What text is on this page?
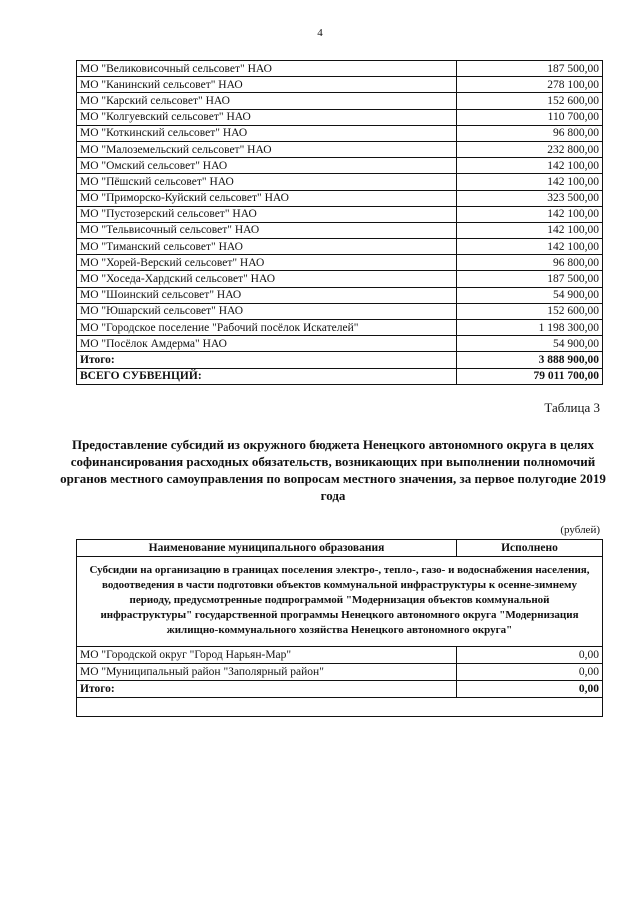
4
МО "Великовисочный сельсовет" НАО	187 500,00
МО "Канинский сельсовет" НАО	278 100,00
МО "Карский сельсовет" НАО	152 600,00
МО "Колгуевский сельсовет" НАО	110 700,00
МО "Коткинский сельсовет" НАО	96 800,00
МО "Малоземельский сельсовет" НАО	232 800,00
МО "Омский сельсовет" НАО	142 100,00
МО "Пёшский сельсовет" НАО	142 100,00
МО "Приморско-Куйский сельсовет" НАО	323 500,00
МО "Пустозерский сельсовет" НАО	142 100,00
МО "Тельвисочный сельсовет" НАО	142 100,00
МО "Тиманский сельсовет" НАО	142 100,00
МО "Хорей-Верский сельсовет" НАО	96 800,00
МО "Хоседа-Хардский сельсовет" НАО	187 500,00
МО "Шоинский сельсовет" НАО	54 900,00
МО "Юшарский сельсовет" НАО	152 600,00
МО "Городское поселение "Рабочий посёлок Искателей"	1 198 300,00
МО "Посёлок Амдерма" НАО	54 900,00
Итого:	3 888 900,00
ВСЕГО СУБВЕНЦИЙ:	79 011 700,00
Таблица 3
Предоставление субсидий из окружного бюджета Ненецкого автономного округа в целях софинансирования расходных обязательств, возникающих при выполнении полномочий органов местного самоуправления по вопросам местного значения, за первое полугодие 2019 года
(рублей)
Наименование муниципального образования	Исполнено
Субсидии на организацию в границах поселения электро-, тепло-, газо- и водоснабжения населения, водоотведения в части подготовки объектов коммунальной инфраструктуры к осенне-зимнему периоду, предусмотренные подпрограммой "Модернизация объектов коммунальной инфраструктуры" государственной программы Ненецкого автономного округа "Модернизация жилищно-коммунального хозяйства Ненецкого автономного округа"	
МО "Городской округ "Город Нарьян-Мар"	0,00
МО "Муниципальный район "Заполярный район"	0,00
Итого:	0,00
